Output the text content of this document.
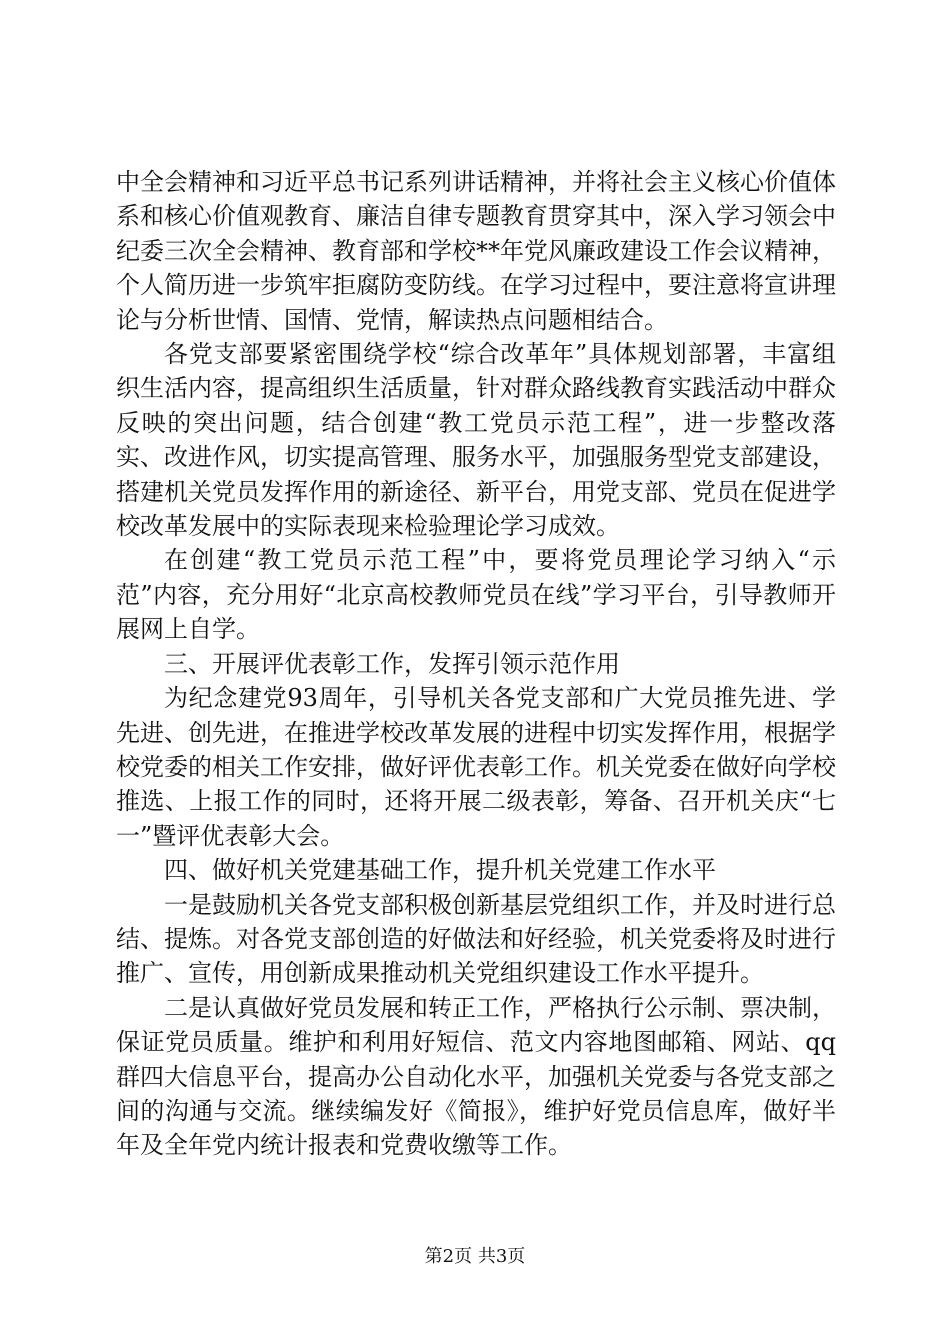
中全会精神和习近平总书记系列讲话精神，并将社会主义核心价值体系和核心价值观教育、廉洁自律专题教育贯穿其中，深入学习领会中纪委三次全会精神、教育部和学校**年党风廉政建设工作会议精神，个人简历进一步筑牢拒腐防变防线。在学习过程中，要注意将宣讲理论与分析世情、国情、党情，解读热点问题相结合。

各党支部要紧密围绕学校“综合改革年”具体规划部署，丰富组织生活内容，提高组织生活质量，针对群众路线教育实践活动中群众反映的突出问题，结合创建“教工党员示范工程”，进一步整改落实、改进作风，切实提高管理、服务水平，加强服务型党支部建设，搭建机关党员发挥作用的新途径、新平台，用党支部、党员在促进学校改革发展中的实际表现来检验理论学习成效。

在创建“教工党员示范工程”中，要将党员理论学习纳入“示范”内容，充分用好“北京高校教师党员在线”学习平台，引导教师开展网上自学。

三、开展评优表彰工作，发挥引领示范作用

为纪念建党93周年，引导机关各党支部和广大党员推先进、学先进、创先进，在推进学校改革发展的进程中切实发挥作用，根据学校党委的相关工作安排，做好评优表彰工作。机关党委在做好向学校推选、上报工作的同时，还将开展二级表彰，筹备、召开机关庆“七一”暨评优表彰大会。

四、做好机关党建基础工作，提升机关党建工作水平

一是鼓励机关各党支部积极创新基层党组织工作，并及时进行总结、提炼。对各党支部创造的好做法和好经验，机关党委将及时进行推广、宣传，用创新成果推动机关党组织建设工作水平提升。

二是认真做好党员发展和转正工作，严格执行公示制、票决制，保证党员质量。维护和利用好短信、范文内容地图邮箱、网站、qq群四大信息平台，提高办公自动化水平，加强机关党委与各党支部之间的沟通与交流。继续编发好《简报》，维护好党员信息库，做好半年及全年党内统计报表和党费收缴等工作。

第2页 共3页
